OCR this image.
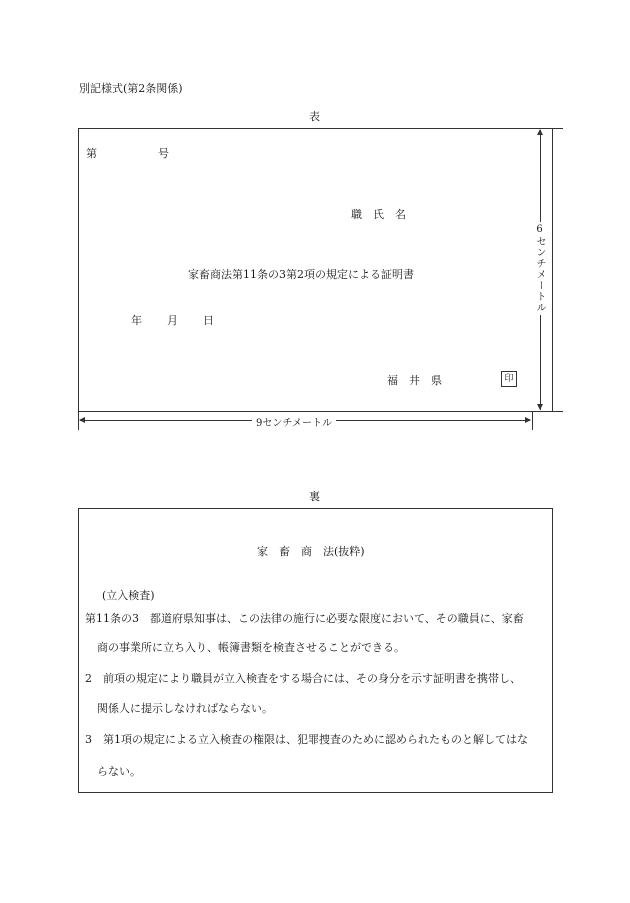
別記様式(第2条関係)
表
第	号
職　氏　名
家畜商法第11条の3第2項の規定による証明書
年 月 日
福　井　県	印
6センチメートル
9センチメートル
裏
家　畜　商　法(抜粋)
(立入検査)
第11条の3　都道府県知事は、この法律の施行に必要な限度において、その職員に、家畜
商の事業所に立ち入り、帳簿書類を検査させることができる。
2　前項の規定により職員が立入検査をする場合には、その身分を示す証明書を携帯し、
関係人に提示しなければならない。
3　第1項の規定による立入検査の権限は、犯罪捜査のために認められたものと解してはな
らない。
